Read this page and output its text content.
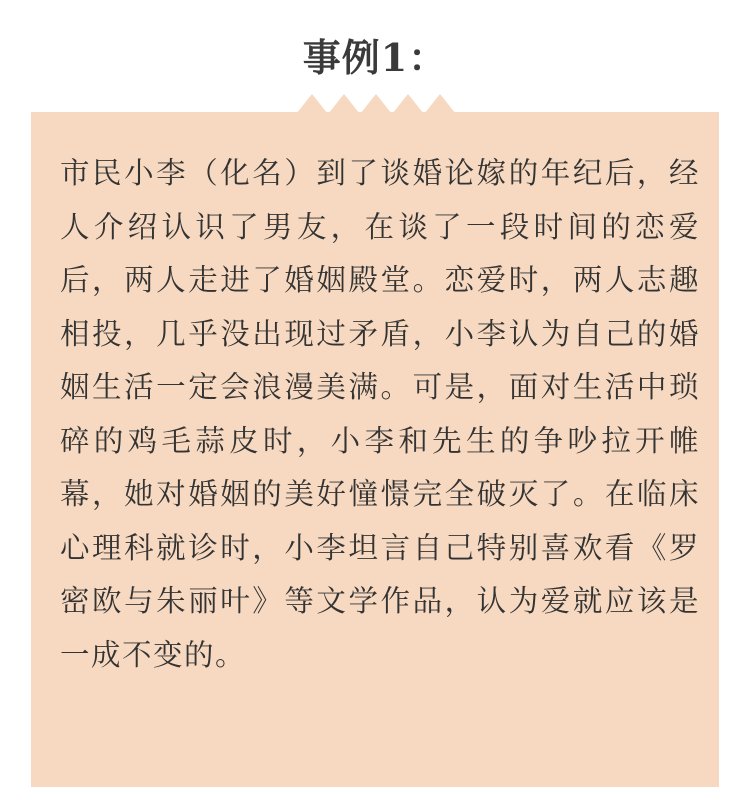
事例1：

市民小李（化名）到了谈婚论嫁的年纪后，经人介绍认识了男友，在谈了一段时间的恋爱后，两人走进了婚姻殿堂。恋爱时，两人志趣相投，几乎没出现过矛盾，小李认为自己的婚姻生活一定会浪漫美满。可是，面对生活中琐碎的鸡毛蒜皮时，小李和先生的争吵拉开帷幕，她对婚姻的美好憧憬完全破灭了。在临床心理科就诊时，小李坦言自己特别喜欢看《罗密欧与朱丽叶》等文学作品，认为爱就应该是一成不变的。
